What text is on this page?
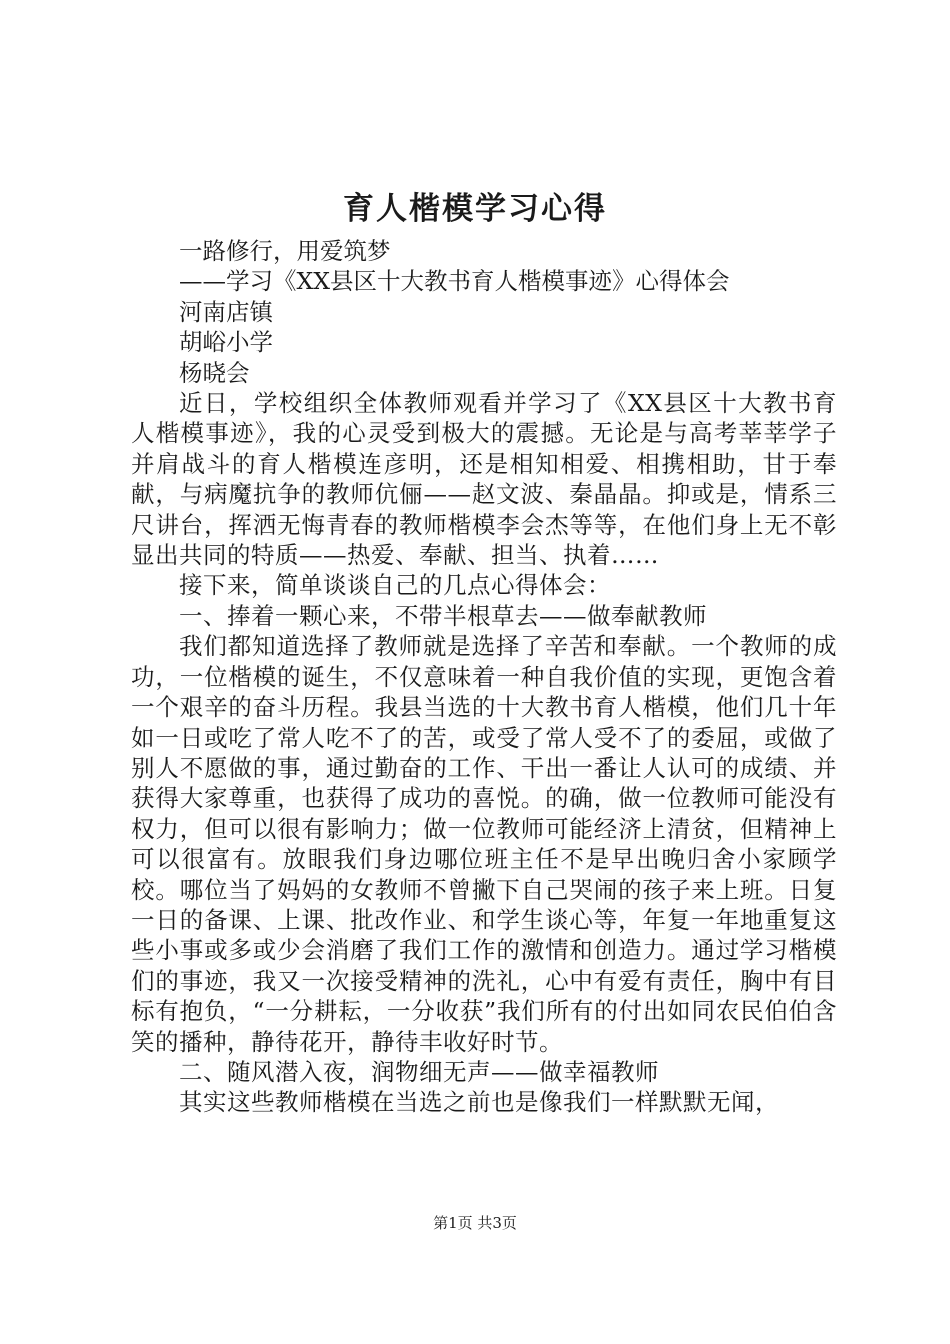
育人楷模学习心得

一路修行，用爱筑梦

——学习《XX县区十大教书育人楷模事迹》心得体会

河南店镇

胡峪小学

杨晓会

近日，学校组织全体教师观看并学习了《XX县区十大教书育人楷模事迹》，我的心灵受到极大的震撼。无论是与高考莘莘学子并肩战斗的育人楷模连彦明，还是相知相爱、相携相助，甘于奉献，与病魔抗争的教师伉俪——赵文波、秦晶晶。抑或是，情系三尺讲台，挥洒无悔青春的教师楷模李会杰等等，在他们身上无不彰显出共同的特质——热爱、奉献、担当、执着……

接下来，简单谈谈自己的几点心得体会：

一、捧着一颗心来，不带半根草去——做奉献教师

我们都知道选择了教师就是选择了辛苦和奉献。一个教师的成功，一位楷模的诞生，不仅意味着一种自我价值的实现，更饱含着一个艰辛的奋斗历程。我县当选的十大教书育人楷模，他们几十年如一日或吃了常人吃不了的苦，或受了常人受不了的委屈，或做了别人不愿做的事，通过勤奋的工作、干出一番让人认可的成绩、并获得大家尊重，也获得了成功的喜悦。的确，做一位教师可能没有权力，但可以很有影响力；做一位教师可能经济上清贫，但精神上可以很富有。放眼我们身边哪位班主任不是早出晚归舍小家顾学校。哪位当了妈妈的女教师不曾撇下自己哭闹的孩子来上班。日复一日的备课、上课、批改作业、和学生谈心等，年复一年地重复这些小事或多或少会消磨了我们工作的激情和创造力。通过学习楷模们的事迹，我又一次接受精神的洗礼，心中有爱有责任，胸中有目标有抱负，“一分耕耘，一分收获”我们所有的付出如同农民伯伯含笑的播种，静待花开，静待丰收好时节。

二、随风潜入夜，润物细无声——做幸福教师

其实这些教师楷模在当选之前也是像我们一样默默无闻，

第1页 共3页
